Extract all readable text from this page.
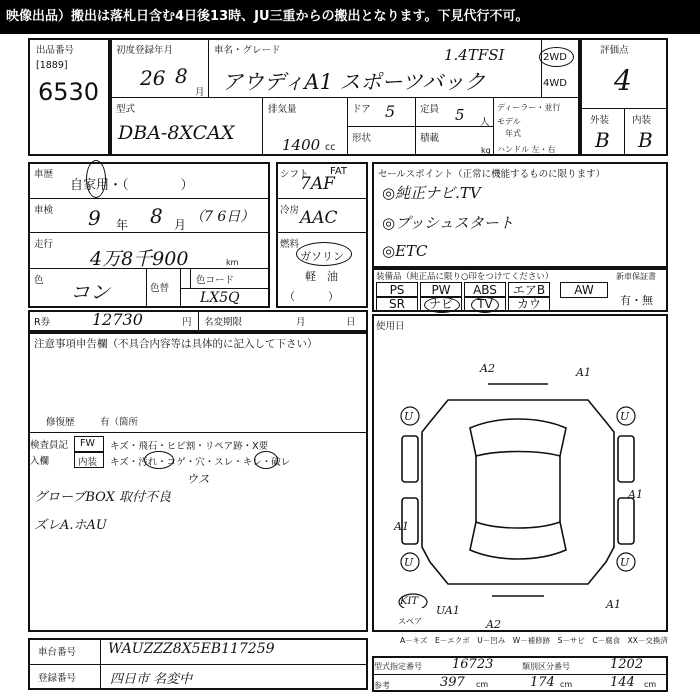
映像出品）搬出は落札日含む4日後13時、JU三重からの搬出となります。下見代行不可。
出品番号
[1889]
6530
初度登録年月
26 8
月
車名・グレード
アウディA1 スポーツバック
1.4TFSI	2WD
4WD
評価点
4
外装 内装
B B
型式
DBA-8XCAX
排気量
1400 cc
ドア 5	定員 5 人
形状	積載
kg
ディーラー・並行
モデル
年式
ハンドル 左・右
車歴
自家用・（　　　　）
車検 9 年 8 月 （7 6日）
走行
4万8千900	km
色 コン	色替
色コード
LX5Q
シフト FAT
7AF
冷房 AAC
燃料
ガソリン
軽　油
（　　　）
セールスポイント（正常に機能するものに限ります）
◎純正ナビ.TV
◎プッシュスタート
◎ETC
装備品（純正品に限り○印をつけてください）	新車保証書
有・無
PS	PW	ABS	エアB	AW
SR	ナビ	TV	カウ
R券	12730	円 名変期限	月	日 使用日
注意事項申告欄（不具合内容等は具体的に記入して下さい）
有（箇所
修復歴
検査員記入欄
FW キズ・飛石・ヒビ割・リペア跡・X要
内装 キズ・汚れ・コゲ・穴・スレ・キレ・破レ
ウス
グローブBOX 取付不良
ズレA.ホAU
A2	A1
U	U
U	U
A1
A1
A1
UA1
A2
KIT
スペア
A－キズ　E－エクボ　U－凹み　W－補修跡　S－サビ　C－腐食　XX－交換済
車台番号 WAUZZZ8X5EB117259
登録番号	四日市 名変中
型式指定番号 16723	類別区分番号	1202
参考	397 cm	174 cm	144 cm
